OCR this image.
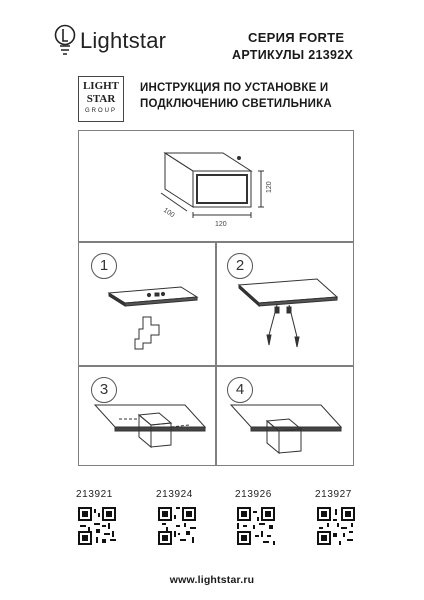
Lightstar	СЕРИЯ FORTE
АРТИКУЛЫ 21392X
LIGHT
STAR
GROUP
ИНСТРУКЦИЯ ПО УСТАНОВКЕ И
ПОДКЛЮЧЕНИЮ СВЕТИЛЬНИКА
120
120
100
1	2
3	4
213921	213924	213926	213927
www.lightstar.ru
